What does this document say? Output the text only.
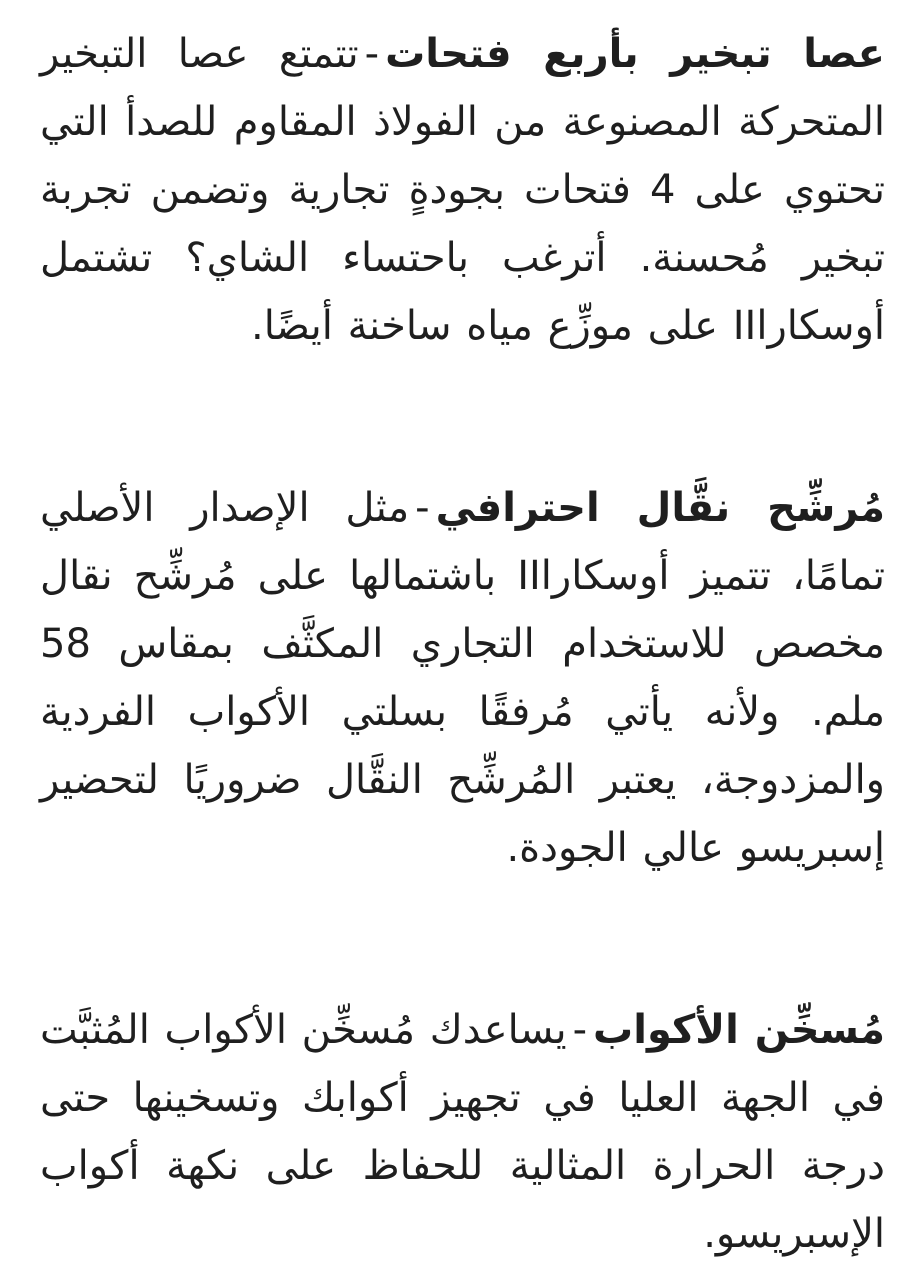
عصا تبخير بأربع فتحات-تتمتع عصا التبخير المتحركة المصنوعة من الفولاذ المقاوم للصدأ التي تحتوي على 4 فتحات بجودةٍ تجارية وتضمن تجربة تبخير مُحسنة. أترغب باحتساء الشاي؟ تشتمل أوسكاراII على موزِّع مياه ساخنة أيضًا.

مُرشِّح نقَّال احترافي-مثل الإصدار الأصلي تمامًا، تتميز أوسكاراII باشتمالها على مُرشِّح نقال مخصص للاستخدام التجاري المكثَّف بمقاس 58 ملم. ولأنه يأتي مُرفقًا بسلتي الأكواب الفردية والمزدوجة، يعتبر المُرشِّح النقَّال ضروريًا لتحضير إسبريسو عالي الجودة.

مُسخِّن الأكواب-يساعدك مُسخِّن الأكواب المُثبَّت في الجهة العليا في تجهيز أكوابك وتسخينها حتى درجة الحرارة المثالية للحفاظ على نكهة أكواب الإسبريسو.
